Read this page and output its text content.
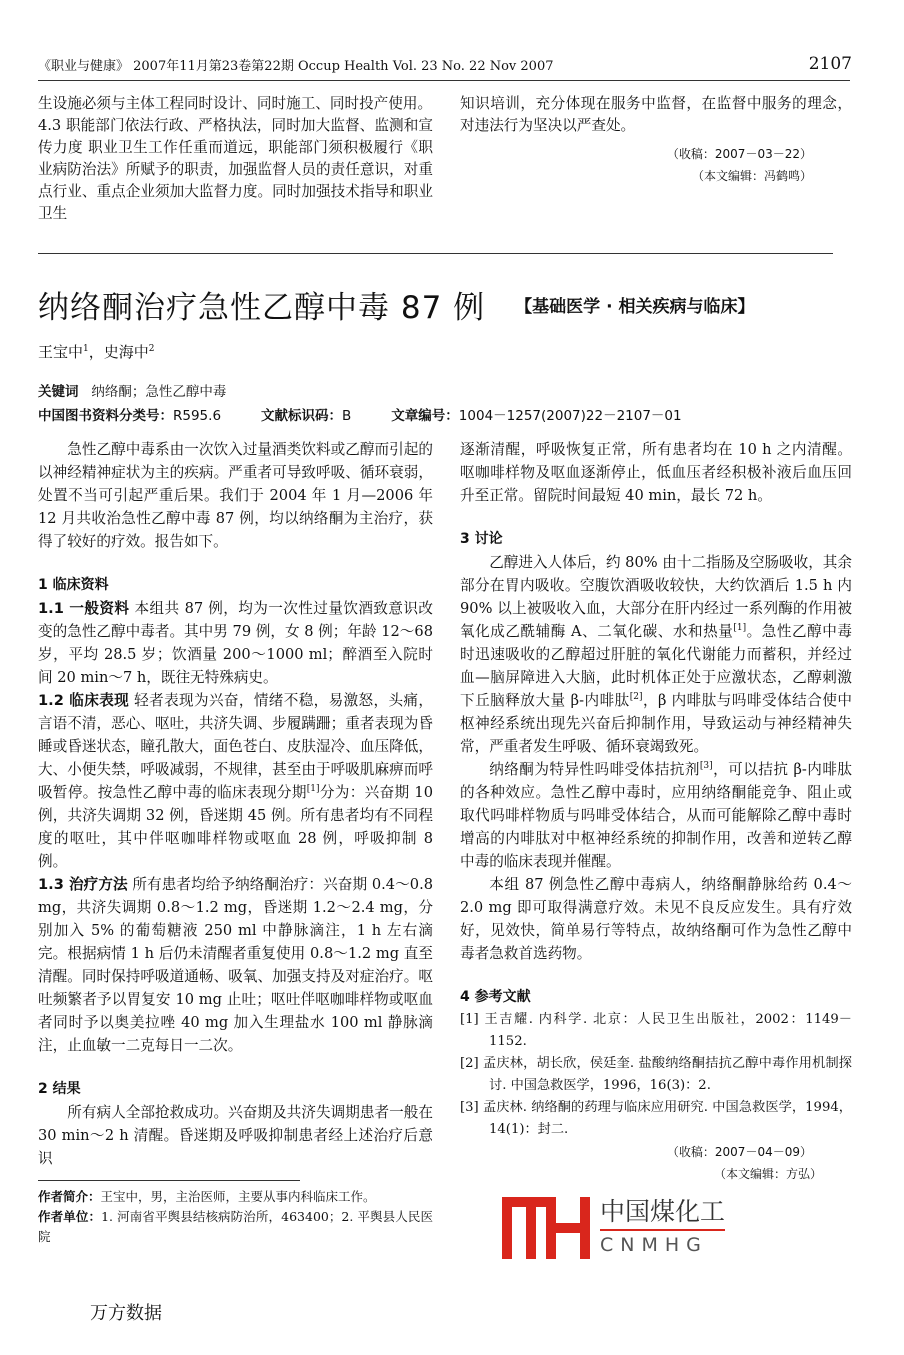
《职业与健康》 2007年11月第23卷第22期 Occup Health Vol. 23 No. 22 Nov 2007	2107

生设施必须与主体工程同时设计、同时施工、同时投产使用。

4.3 职能部门依法行政、严格执法，同时加大监督、监测和宣传力度 职业卫生工作任重而道远，职能部门须积极履行《职业病防治法》所赋予的职责，加强监督人员的责任意识，对重点行业、重点企业须加大监督力度。同时加强技术指导和职业卫生

知识培训，充分体现在服务中监督，在监督中服务的理念，对违法行为坚决以严查处。

（收稿：2007－03－22）

（本文编辑：冯鹤鸣）

纳络酮治疗急性乙醇中毒 87 例 【基础医学 · 相关疾病与临床】
王宝中$^1$，史海中$^2$
关键词 纳络酮；急性乙醇中毒
中国图书资料分类号：R595.6	文献标识码：B	文章编号：1004－1257(2007)22－2107－01

急性乙醇中毒系由一次饮入过量酒类饮料或乙醇而引起的以神经精神症状为主的疾病。严重者可导致呼吸、循环衰弱，处置不当可引起严重后果。我们于 2004 年 1 月—2006 年 12 月共收治急性乙醇中毒 87 例，均以纳络酮为主治疗，获得了较好的疗效。报告如下。

1 临床资料

1.1 一般资料 本组共 87 例，均为一次性过量饮酒致意识改变的急性乙醇中毒者。其中男 79 例，女 8 例；年龄 12～68 岁，平均 28.5 岁；饮酒量 200～1000 ml；醉酒至入院时间 20 min～7 h，既往无特殊病史。

1.2 临床表现 轻者表现为兴奋，情绪不稳，易激怒，头痛，言语不清，恶心、呕吐，共济失调、步履蹒跚；重者表现为昏睡或昏迷状态，瞳孔散大，面色苍白、皮肤湿冷、血压降低，大、小便失禁，呼吸减弱，不规律，甚至由于呼吸肌麻痹而呼吸暂停。按急性乙醇中毒的临床表现分期[1]分为：兴奋期 10 例，共济失调期 32 例，昏迷期 45 例。所有患者均有不同程度的呕吐，其中伴呕咖啡样物或呕血 28 例，呼吸抑制 8 例。

1.3 治疗方法 所有患者均给予纳络酮治疗：兴奋期 0.4～0.8 mg，共济失调期 0.8～1.2 mg，昏迷期 1.2～2.4 mg，分别加入 5% 的葡萄糖液 250 ml 中静脉滴注，1 h 左右滴完。根据病情 1 h 后仍未清醒者重复使用 0.8～1.2 mg 直至清醒。同时保持呼吸道通畅、吸氧、加强支持及对症治疗。呕吐频繁者予以胃复安 10 mg 止吐；呕吐伴呕咖啡样物或呕血者同时予以奥美拉唑 40 mg 加入生理盐水 100 ml 静脉滴注，止血敏一二克每日一二次。

2 结果

所有病人全部抢救成功。兴奋期及共济失调期患者一般在 30 min～2 h 清醒。昏迷期及呼吸抑制患者经上述治疗后意识

作者简介：王宝中，男，主治医师，主要从事内科临床工作。

作者单位：1. 河南省平舆县结核病防治所，463400；2. 平舆县人民医院

逐渐清醒，呼吸恢复正常，所有患者均在 10 h 之内清醒。呕咖啡样物及呕血逐渐停止，低血压者经积极补液后血压回升至正常。留院时间最短 40 min，最长 72 h。

3 讨论

乙醇进入人体后，约 80% 由十二指肠及空肠吸收，其余部分在胃内吸收。空腹饮酒吸收较快，大约饮酒后 1.5 h 内 90% 以上被吸收入血，大部分在肝内经过一系列酶的作用被氧化成乙酰辅酶 A、二氧化碳、水和热量[1]。急性乙醇中毒时迅速吸收的乙醇超过肝脏的氧化代谢能力而蓄积，并经过血—脑屏障进入大脑，此时机体正处于应激状态，乙醇刺激下丘脑释放大量 β-内啡肽[2]，β 内啡肽与吗啡受体结合使中枢神经系统出现先兴奋后抑制作用，导致运动与神经精神失常，严重者发生呼吸、循环衰竭致死。

纳络酮为特异性吗啡受体拮抗剂[3]，可以拮抗 β-内啡肽的各种效应。急性乙醇中毒时，应用纳络酮能竞争、阻止或取代吗啡样物质与吗啡受体结合，从而可能解除乙醇中毒时增高的内啡肽对中枢神经系统的抑制作用，改善和逆转乙醇中毒的临床表现并催醒。

本组 87 例急性乙醇中毒病人，纳络酮静脉给药 0.4～2.0 mg 即可取得满意疗效。未见不良反应发生。具有疗效好，见效快，简单易行等特点，故纳络酮可作为急性乙醇中毒者急救首选药物。

4 参考文献

[1] 王吉耀. 内科学. 北京：人民卫生出版社，2002：1149－1152.

[2] 孟庆林，胡长欣，侯廷奎. 盐酸纳络酮拮抗乙醇中毒作用机制探讨. 中国急救医学，1996，16(3)：2.

[3] 孟庆林. 纳络酮的药理与临床应用研究. 中国急救医学，1994，14(1)：封二.

（收稿：2007－04－09）

（本文编辑：方弘）

中国煤化工
CNMHG
万方数据
